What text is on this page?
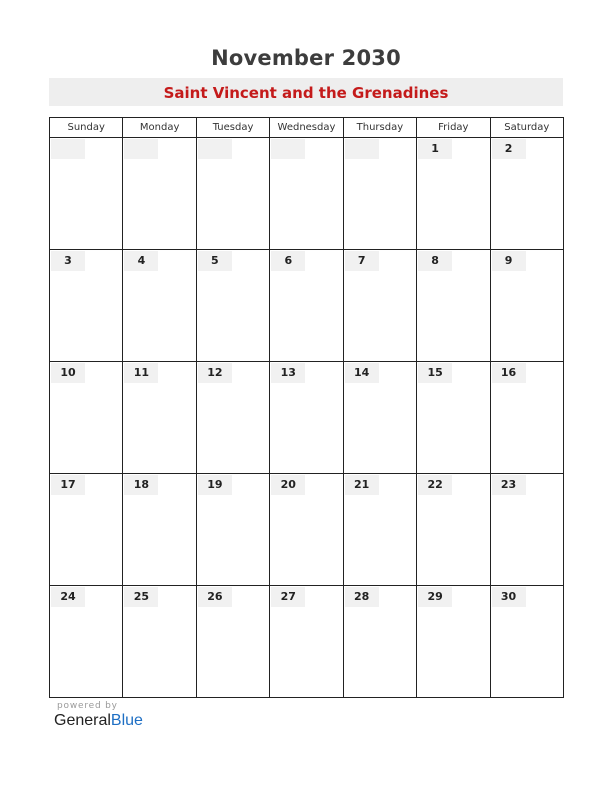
November 2030
Saint Vincent and the Grenadines
Sunday	Monday	Tuesday	Wednesday	Thursday	Friday	Saturday

					1	2

3	4	5	6	7	8	9

10	11	12	13	14	15	16

17	18	19	20	21	22	23

24	25	26	27	28	29	30
powered by
GeneralBlue
